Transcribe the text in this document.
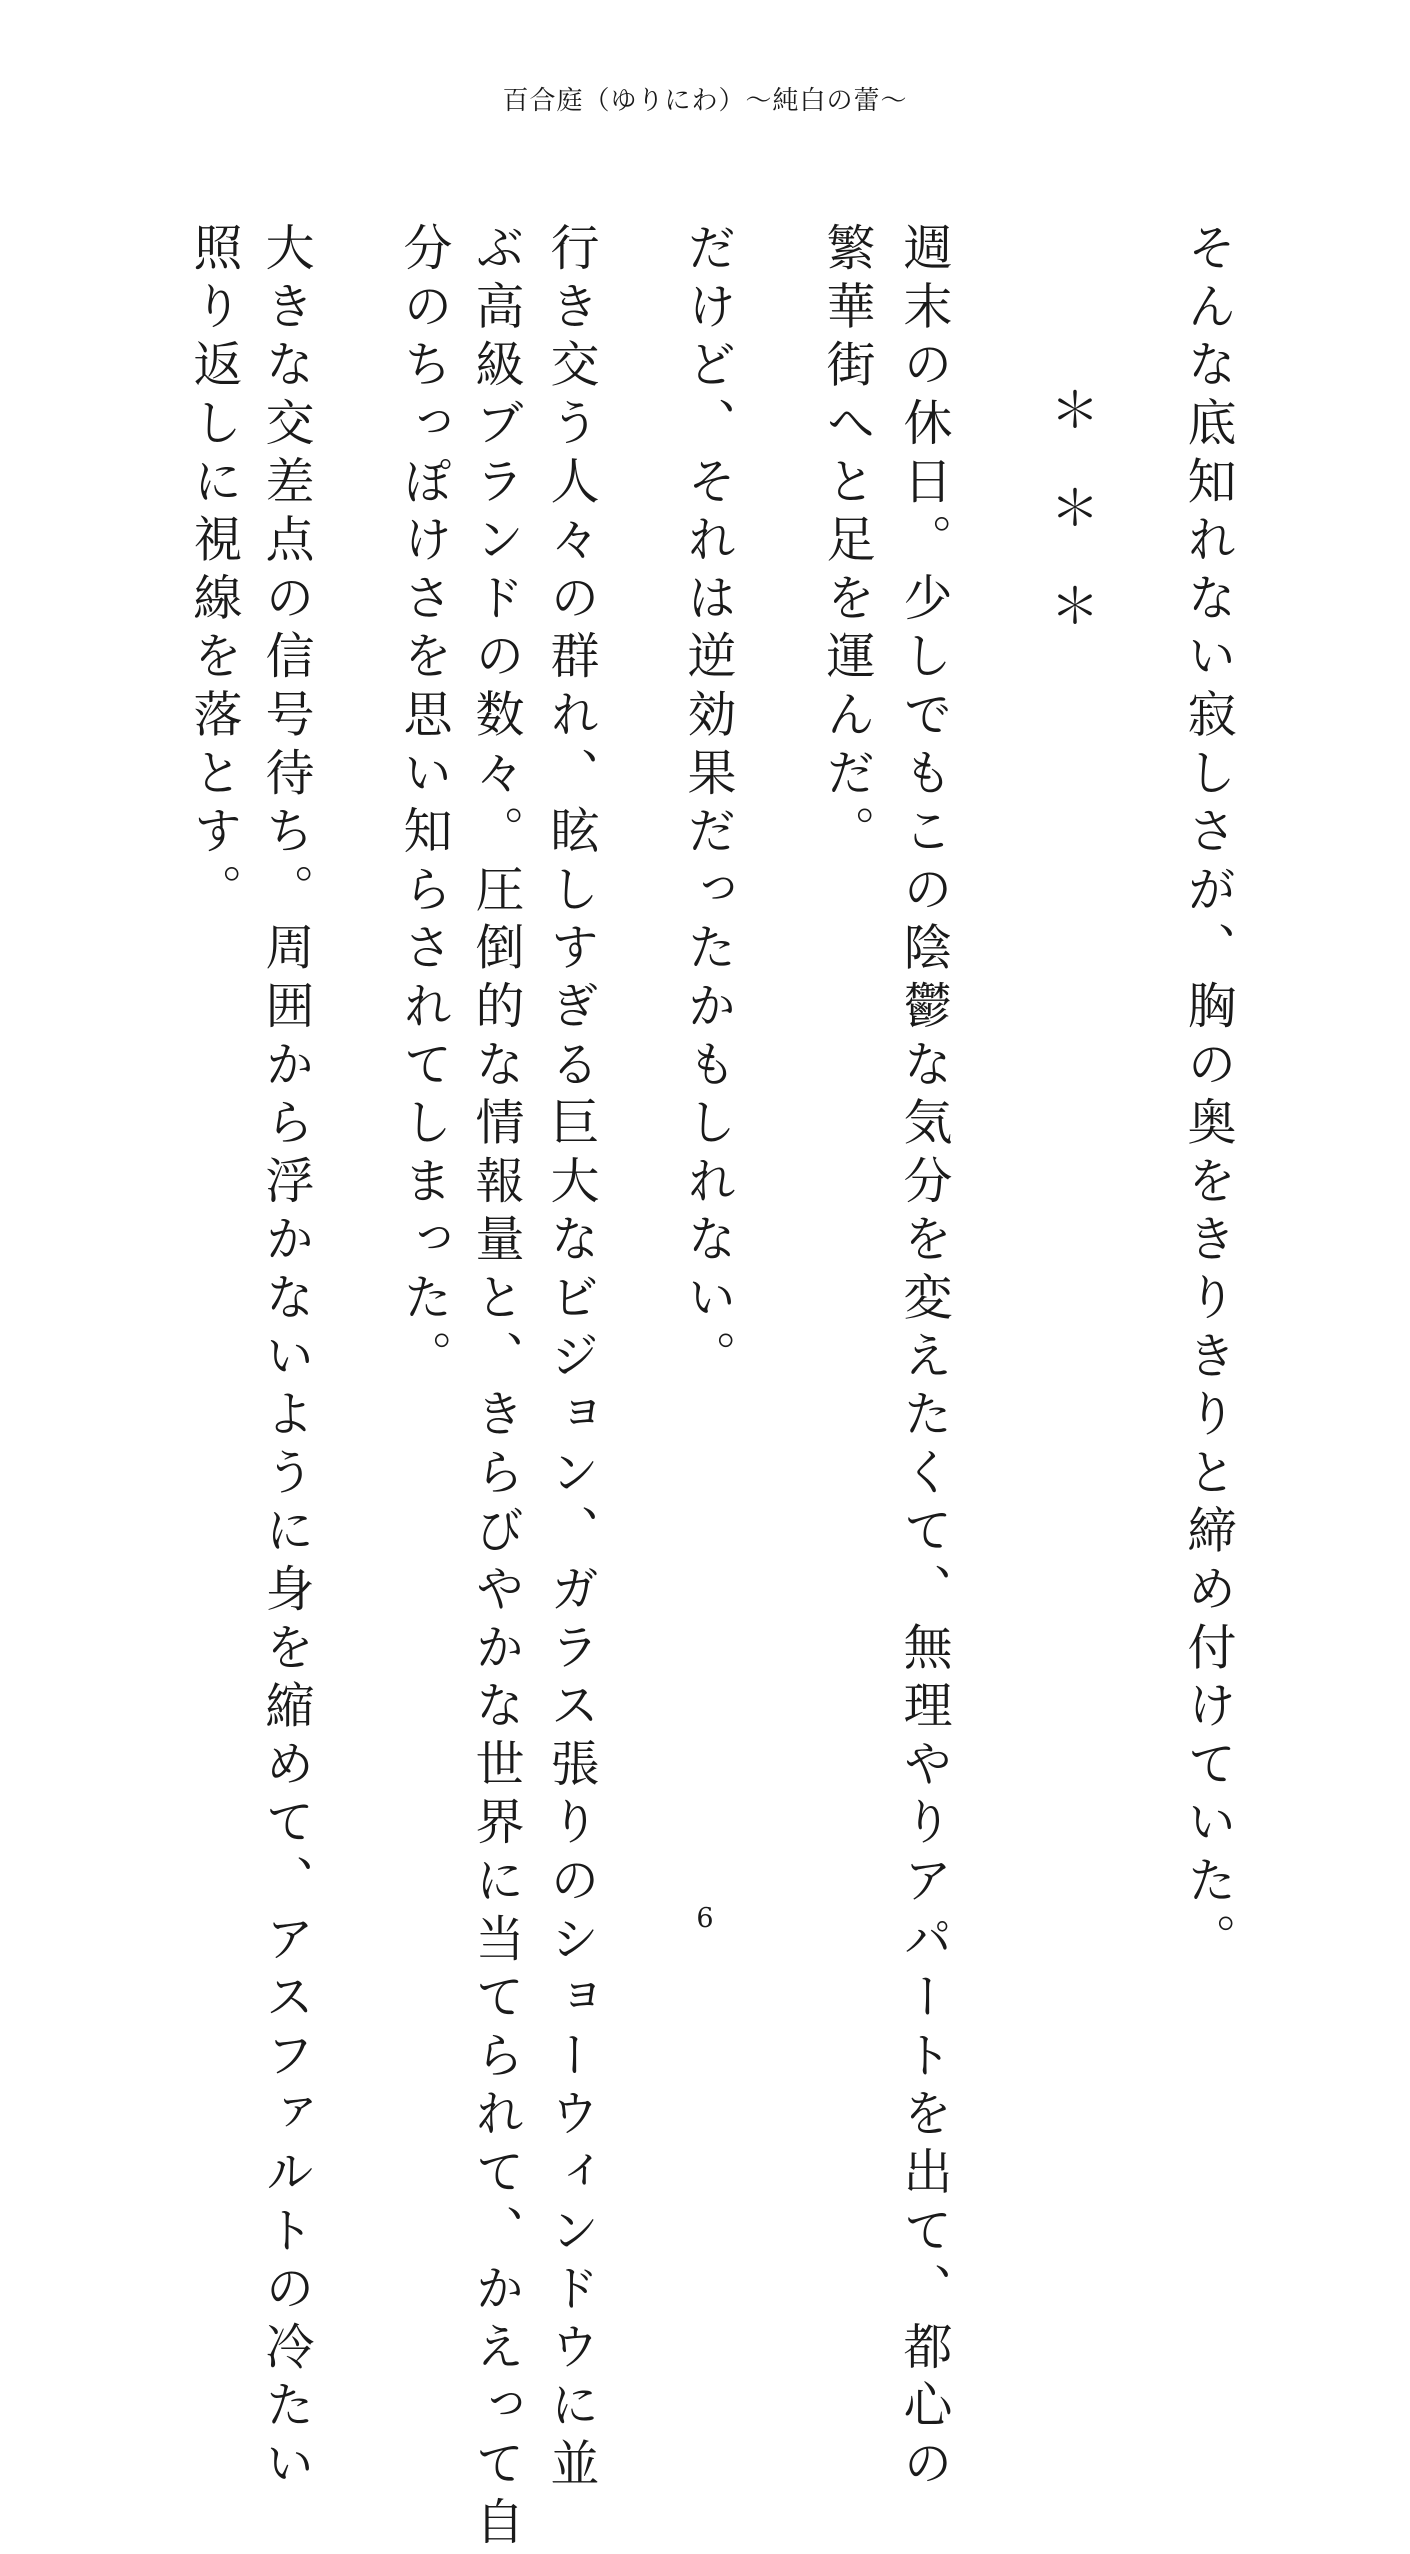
百合庭（ゆりにわ）〜純白の蕾〜
そんな底知れない寂しさが、胸の奥をきりきりと締め付けていた。
＊　＊　＊
週末の休日。少しでもこの陰鬱な気分を変えたくて、無理やりアパートを出て、都心の
繁華街へと足を運んだ。
だけど、それは逆効果だったかもしれない。
行き交う人々の群れ、眩しすぎる巨大なビジョン、ガラス張りのショーウィンドウに並
ぶ高級ブランドの数々。圧倒的な情報量と、きらびやかな世界に当てられて、かえって自
分のちっぽけさを思い知らされてしまった。
大きな交差点の信号待ち。周囲から浮かないように身を縮めて、アスファルトの冷たい
照り返しに視線を落とす。
6
